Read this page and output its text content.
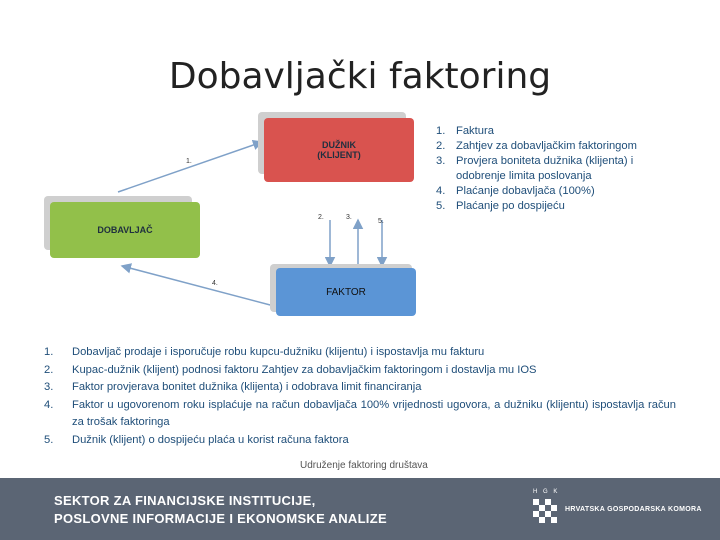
Dobavljački faktoring
DUŽNIK
(KLIJENT)
DOBAVLJAČ
FAKTOR
1.
2.	3.
5.
4.
1. Faktura
2. Zahtjev za dobavljačkim faktoringom
3. Provjera boniteta dužnika (klijenta) i odobrenje limita poslovanja
4. Plaćanje dobavljača (100%)
5. Plaćanje po dospijeću
1. Dobavljač prodaje i isporučuje robu kupcu-dužniku (klijentu) i ispostavlja mu fakturu
2. Kupac-dužnik (klijent) podnosi faktoru Zahtjev za dobavljačkim faktoringom i dostavlja mu IOS
3. Faktor provjerava bonitet dužnika (klijenta) i odobrava limit financiranja
4. Faktor u ugovorenom roku isplaćuje na račun dobavljača 100% vrijednosti ugovora, a dužniku (klijentu) ispostavlja račun za trošak faktoringa
5. Dužnik (klijent) o dospijeću plaća u korist računa faktora
Udruženje faktoring društava
SEKTOR ZA FINANCIJSKE INSTITUCIJE,
POSLOVNE INFORMACIJE I EKONOMSKE ANALIZE
H G K
HRVATSKA GOSPODARSKA KOMORA
